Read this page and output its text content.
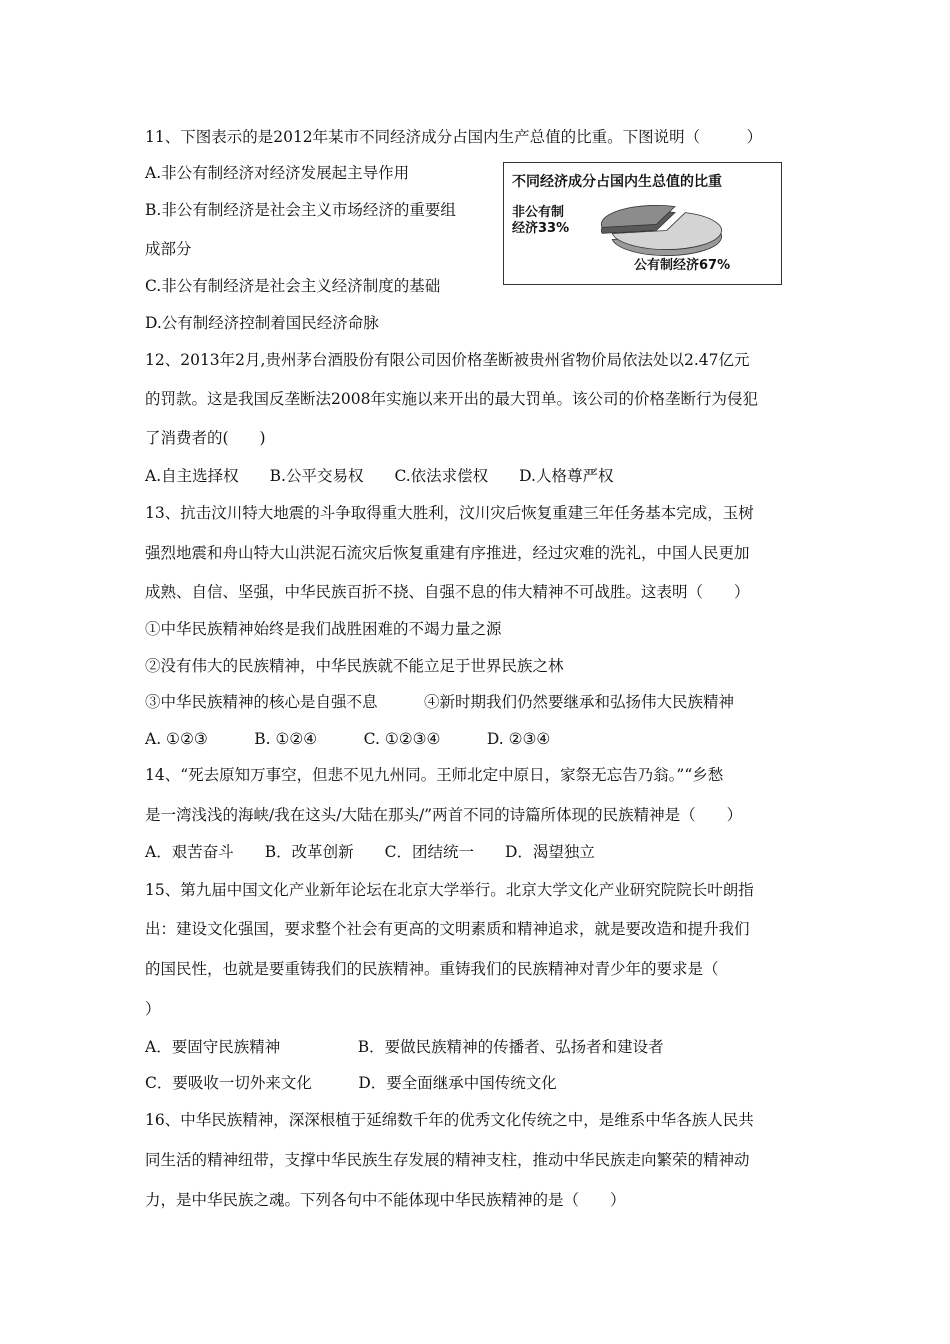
11、下图表示的是2012年某市不同经济成分占国内生产总值的比重。下图说明（　　　）
A.非公有制经济对经济发展起主导作用
B.非公有制经济是社会主义市场经济的重要组
成部分
C.非公有制经济是社会主义经济制度的基础
D.公有制经济控制着国民经济命脉
不同经济成分占国内生总值的比重
非公有制
经济33%
公有制经济67%
12、2013年2月,贵州茅台酒股份有限公司因价格垄断被贵州省物价局依法处以2.47亿元
的罚款。这是我国反垄断法2008年实施以来开出的最大罚单。该公司的价格垄断行为侵犯
了消费者的(　　)
A.自主选择权　　B.公平交易权　　C.依法求偿权　　D.人格尊严权
13、抗击汶川特大地震的斗争取得重大胜利，汶川灾后恢复重建三年任务基本完成，玉树
强烈地震和舟山特大山洪泥石流灾后恢复重建有序推进，经过灾难的洗礼，中国人民更加
成熟、自信、坚强，中华民族百折不挠、自强不息的伟大精神不可战胜。这表明（　　）
①中华民族精神始终是我们战胜困难的不竭力量之源
②没有伟大的民族精神，中华民族就不能立足于世界民族之林
③中华民族精神的核心是自强不息　　　④新时期我们仍然要继承和弘扬伟大民族精神
A. ①②③　　　B. ①②④　　　C. ①②③④　　　D. ②③④
14、“死去原知万事空，但悲不见九州同。王师北定中原日，家祭无忘告乃翁。”“乡愁
是一湾浅浅的海峡/我在这头/大陆在那头/”两首不同的诗篇所体现的民族精神是（　　）
A．艰苦奋斗　　B．改革创新　　C．团结统一　　D．渴望独立
15、第九届中国文化产业新年论坛在北京大学举行。北京大学文化产业研究院院长叶朗指
出：建设文化强国，要求整个社会有更高的文明素质和精神追求，就是要改造和提升我们
的国民性，也就是要重铸我们的民族精神。重铸我们的民族精神对青少年的要求是（
）
A．要固守民族精神　　　　　B．要做民族精神的传播者、弘扬者和建设者
C．要吸收一切外来文化　　　D．要全面继承中国传统文化
16、中华民族精神，深深根植于延绵数千年的优秀文化传统之中，是维系中华各族人民共
同生活的精神纽带，支撑中华民族生存发展的精神支柱，推动中华民族走向繁荣的精神动
力，是中华民族之魂。下列各句中不能体现中华民族精神的是（　　）
